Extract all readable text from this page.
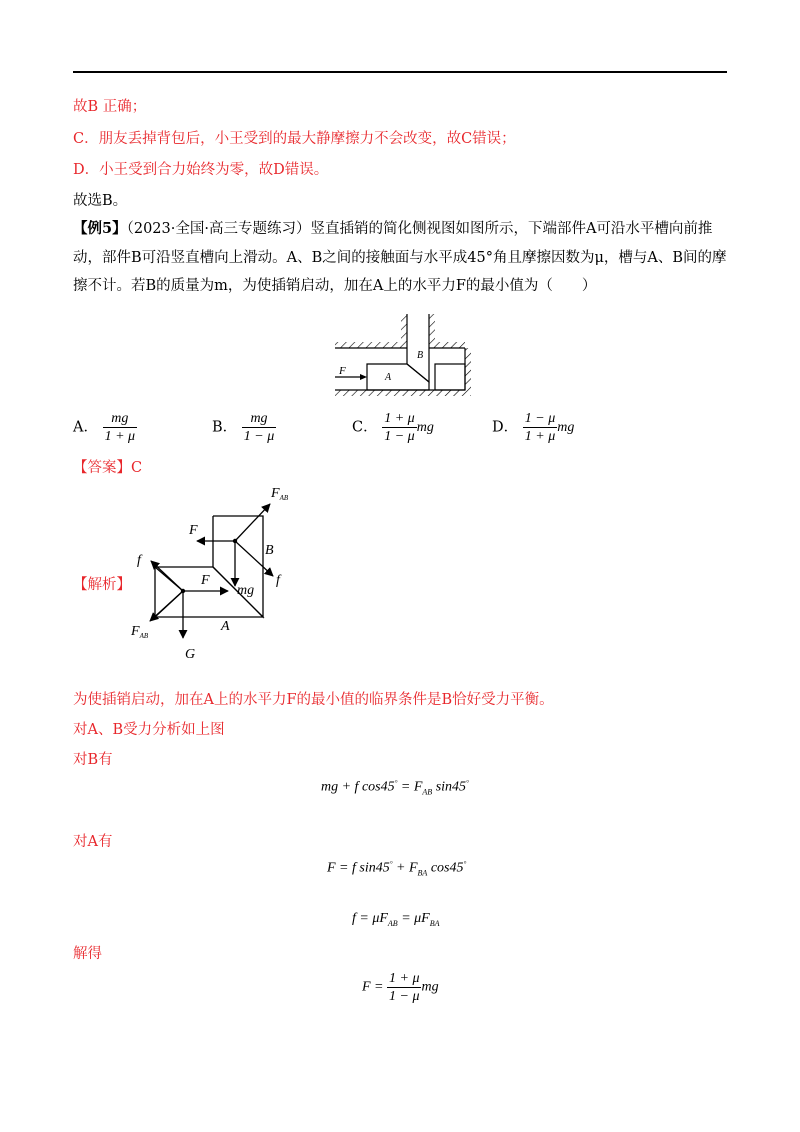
故B 正确；
C．朋友丢掉背包后，小王受到的最大静摩擦力不会改变，故C错误；
D．小王受到合力始终为零，故D错误。
故选B。
【例5】（2023·全国·高三专题练习）竖直插销的简化侧视图如图所示，下端部件A可沿水平槽向前推动，部件B可沿竖直槽向上滑动。A、B之间的接触面与水平成45°角且摩擦因数为μ，槽与A、B间的摩擦不计。若B的质量为m，为使插销启动，加在A上的水平力F的最小值为（　　）
F
A
B
A． $\frac{mg}{1 + \mu}$	B． $\frac{mg}{1 - \mu}$	C． $\frac{1 + \mu}{1 - \mu}$ mg	D． $\frac{1 - \mu}{1 + \mu}$ mg
【答案】C
【解析】
$F_{AB}$
F
B
f
mg
f
F
$F_{AB}$
A
G
为使插销启动，加在A上的水平力F的最小值的临界条件是B恰好受力平衡。
对A、B受力分析如上图
对B有
mg + f $\cos 45^\circ = F_{AB}$ sin45°
对A有
F = f $\sin 45^\circ + F_{BA}$ cos45°
$f = \mu F_{AB} = \mu F_{BA}$
解得
$F = \frac{1 + \mu}{1 - \mu}$ mg
